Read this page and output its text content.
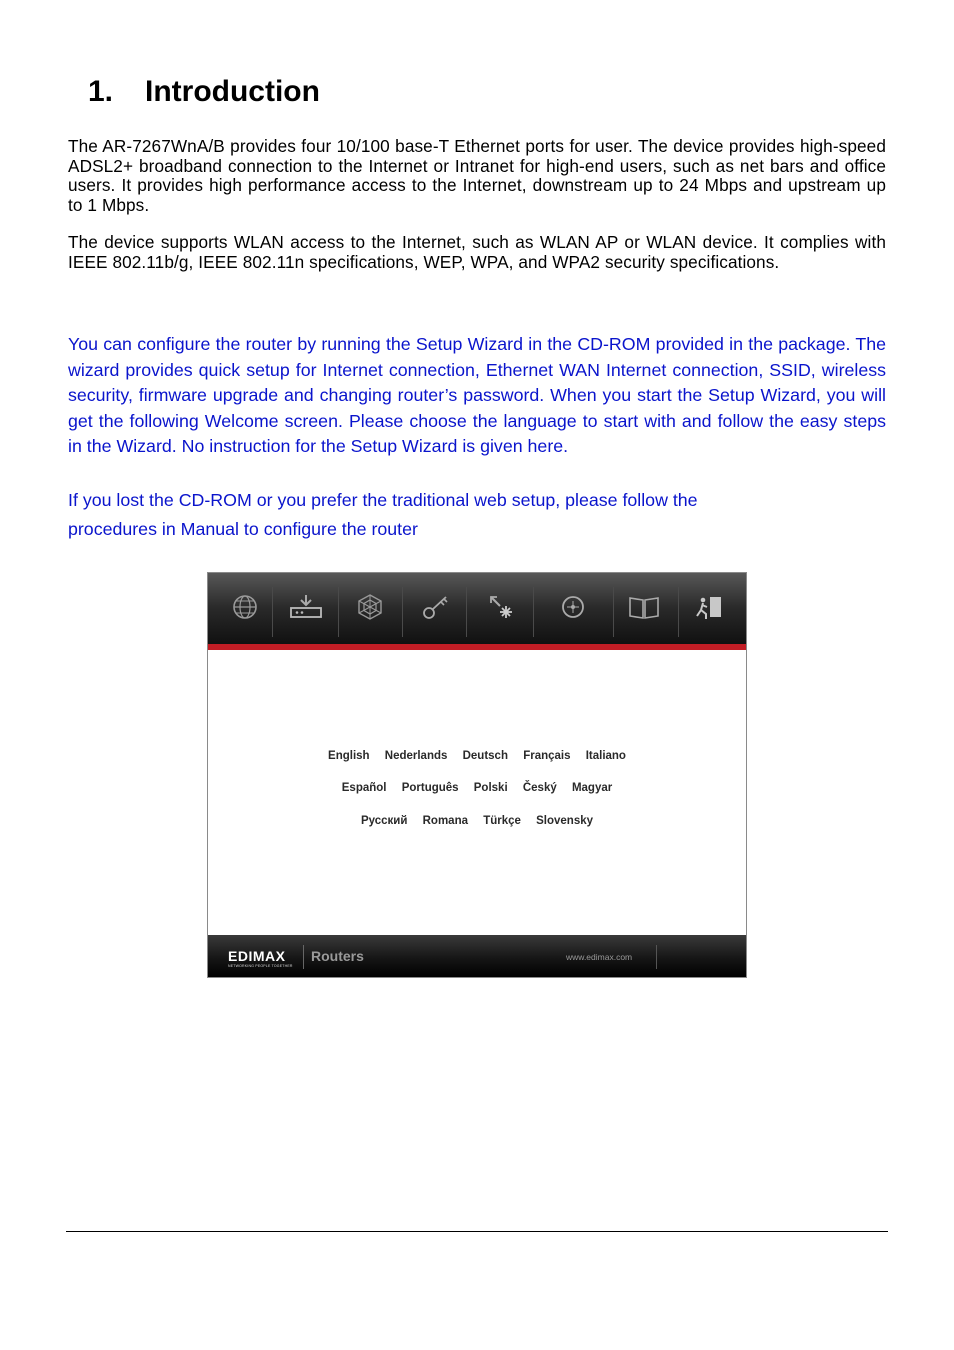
1. Introduction

The AR-7267WnA/B provides four 10/100 base-T Ethernet ports for user. The device provides high-speed ADSL2+ broadband connection to the Internet or Intranet for high-end users, such as net bars and office users. It provides high performance access to the Internet, downstream up to 24 Mbps and upstream up to 1 Mbps.

The device supports WLAN access to the Internet, such as WLAN AP or WLAN device. It complies with IEEE 802.11b/g, IEEE 802.11n specifications, WEP, WPA, and WPA2 security specifications.

You can configure the router by running the Setup Wizard in the CD-ROM provided in the package. The wizard provides quick setup for Internet connection, Ethernet WAN Internet connection, SSID, wireless security, firmware upgrade and changing router’s password. When you start the Setup Wizard, you will get the following Welcome screen. Please choose the language to start with and follow the easy steps in the Wizard. No instruction for the Setup Wizard is given here.

If you lost the CD-ROM or you prefer the traditional web setup, please follow the

procedures in Manual to configure the router

English Nederlands Deutsch Français Italiano
Español Português Polski Český Magyar
Русский Romana Türkçe Slovensky
EDIMAX
NETWORKING PEOPLE TOGETHER
Routers	www.edimax.com
